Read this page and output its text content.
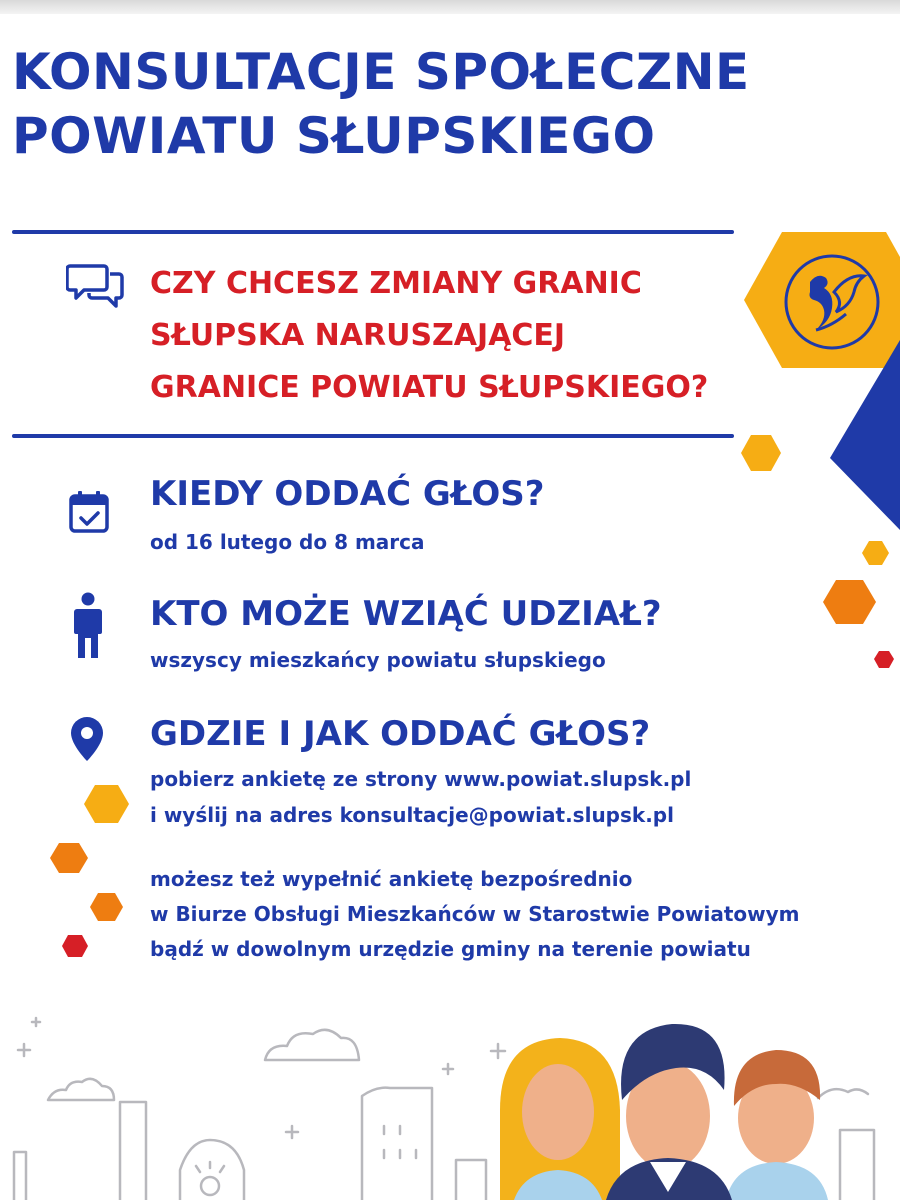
KONSULTACJE SPOŁECZNE
POWIATU SŁUPSKIEGO
CZY CHCESZ ZMIANY GRANIC
SŁUPSKA NARUSZAJĄCEJ
GRANICE POWIATU SŁUPSKIEGO?
KIEDY ODDAĆ GŁOS?

od 16 lutego do 8 marca

KTO MOŻE WZIĄĆ UDZIAŁ?

wszyscy mieszkańcy powiatu słupskiego

GDZIE I JAK ODDAĆ GŁOS?

pobierz ankietę ze strony www.powiat.slupsk.pl

i wyślij na adres konsultacje@powiat.slupsk.pl

możesz też wypełnić ankietę bezpośrednio

w Biurze Obsługi Mieszkańców w Starostwie Powiatowym

bądź w dowolnym urzędzie gminy na terenie powiatu
